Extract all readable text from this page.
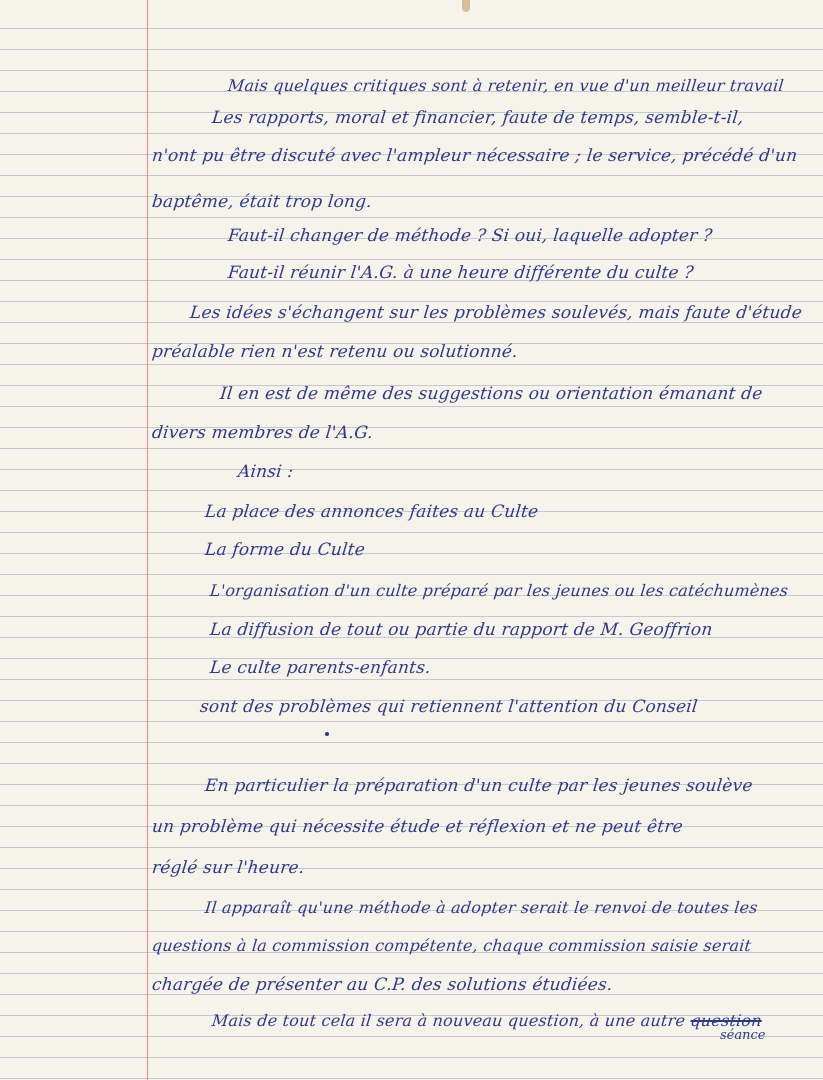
Mais quelques critiques sont à retenir, en vue d'un meilleur travail
Les rapports, moral et financier, faute de temps, semble-t-il,
n'ont pu être discuté avec l'ampleur nécessaire ; le service, précédé d'un
baptême, était trop long.
Faut-il changer de méthode ? Si oui, laquelle adopter ?
Faut-il réunir l'A.G. à une heure différente du culte ?
Les idées s'échangent sur les problèmes soulevés, mais faute d'étude
préalable rien n'est retenu ou solutionné.
Il en est de même des suggestions ou orientation émanant de
divers membres de l'A.G.
Ainsi :
La place des annonces faites au Culte
La forme du Culte
L'organisation d'un culte préparé par les jeunes ou les catéchumènes
La diffusion de tout ou partie du rapport de M. Geoffrion
Le culte parents-enfants.
sont des problèmes qui retiennent l'attention du Conseil
En particulier la préparation d'un culte par les jeunes soulève
un problème qui nécessite étude et réflexion et ne peut être
réglé sur l'heure.
Il apparaît qu'une méthode à adopter serait le renvoi de toutes les
questions à la commission compétente, chaque commission saisie serait
chargée de présenter au C.P. des solutions étudiées.
Mais de tout cela il sera à nouveau question, à une autre question
séance
